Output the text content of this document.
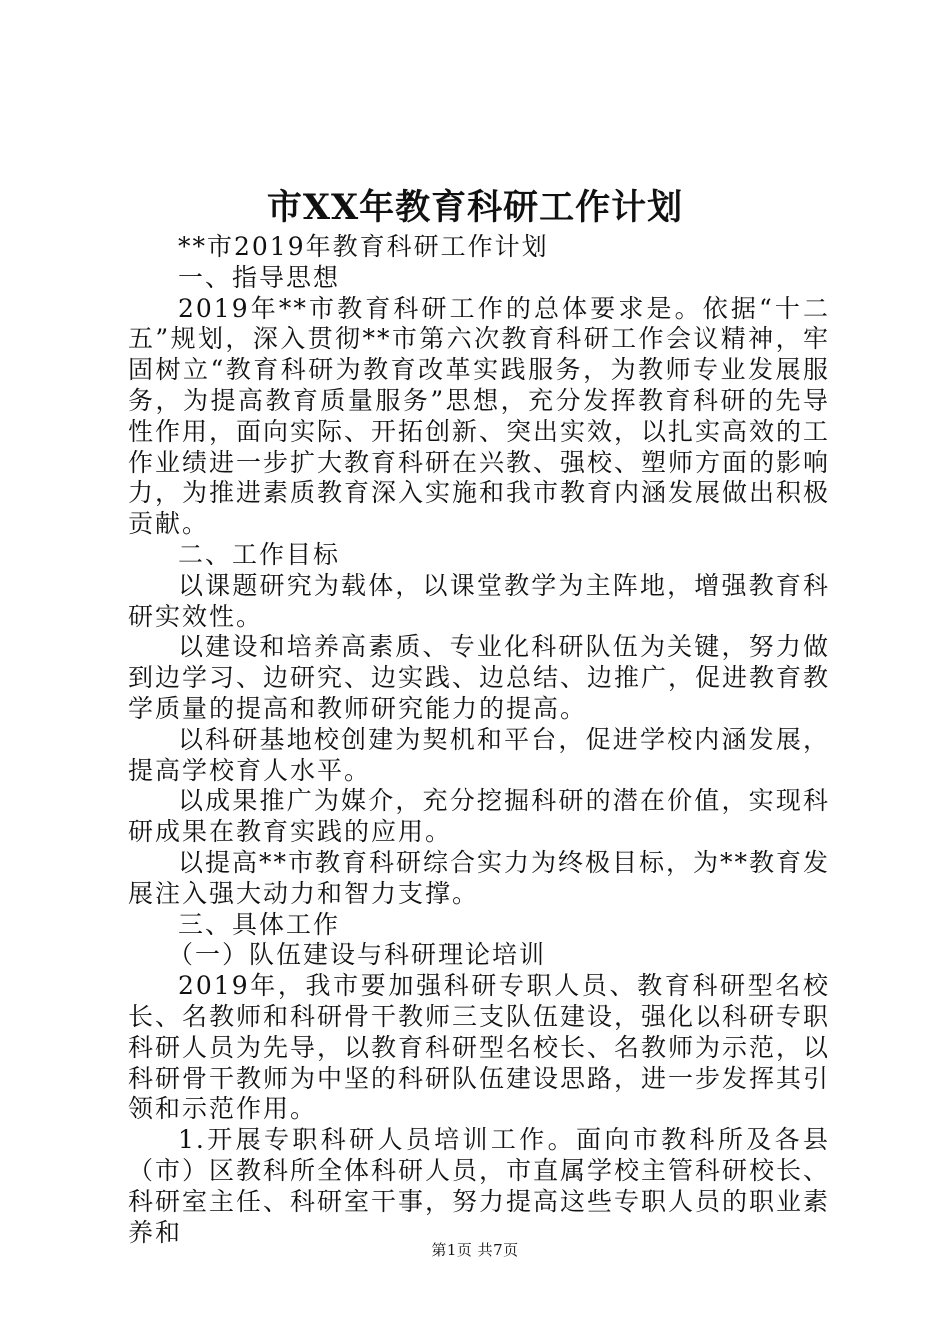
市XX年教育科研工作计划

**市2019年教育科研工作计划

一、指导思想

2019年**市教育科研工作的总体要求是。依据“十二五”规划，深入贯彻**市第六次教育科研工作会议精神，牢固树立“教育科研为教育改革实践服务，为教师专业发展服务，为提高教育质量服务”思想，充分发挥教育科研的先导性作用，面向实际、开拓创新、突出实效，以扎实高效的工作业绩进一步扩大教育科研在兴教、强校、塑师方面的影响力，为推进素质教育深入实施和我市教育内涵发展做出积极贡献。

二、工作目标

以课题研究为载体，以课堂教学为主阵地，增强教育科研实效性。

以建设和培养高素质、专业化科研队伍为关键，努力做到边学习、边研究、边实践、边总结、边推广，促进教育教学质量的提高和教师研究能力的提高。

以科研基地校创建为契机和平台，促进学校内涵发展，提高学校育人水平。

以成果推广为媒介，充分挖掘科研的潜在价值，实现科研成果在教育实践的应用。

以提高**市教育科研综合实力为终极目标，为**教育发展注入强大动力和智力支撑。

三、具体工作

（一）队伍建设与科研理论培训

2019年，我市要加强科研专职人员、教育科研型名校长、名教师和科研骨干教师三支队伍建设，强化以科研专职科研人员为先导，以教育科研型名校长、名教师为示范，以科研骨干教师为中坚的科研队伍建设思路，进一步发挥其引领和示范作用。

1.开展专职科研人员培训工作。面向市教科所及各县（市）区教科所全体科研人员，市直属学校主管科研校长、科研室主任、科研室干事，努力提高这些专职人员的职业素养和

第1页 共7页
